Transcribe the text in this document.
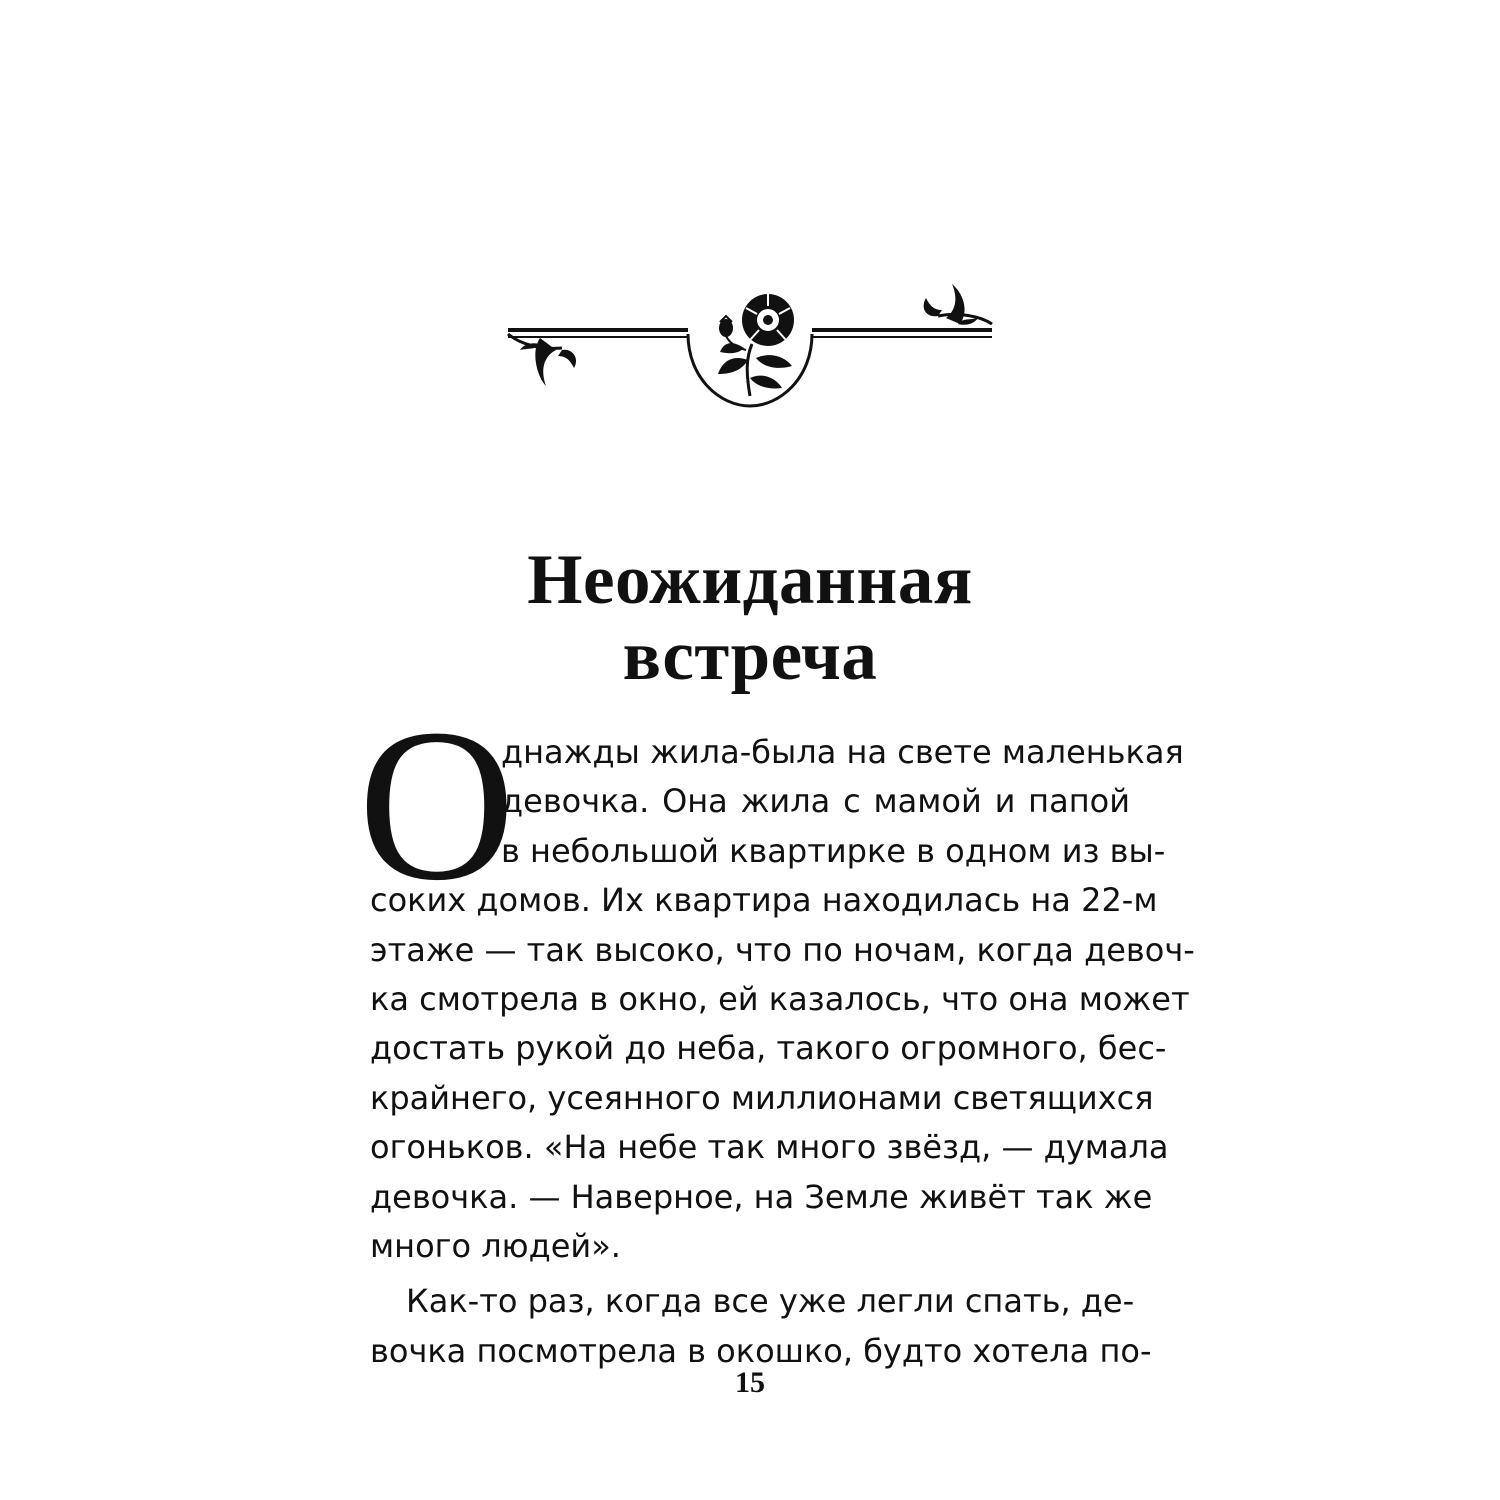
Неожиданная
встреча
О
днажды жила-была на свете маленькая
девочка. Она жила с мамой и папой
в небольшой квартирке в одном из вы-
соких домов. Их квартира находилась на 22-м
этаже — так высоко, что по ночам, когда девоч-
ка смотрела в окно, ей казалось, что она может
достать рукой до неба, такого огромного, бес-
крайнего, усеянного миллионами светящихся
огоньков. «На небе так много звёзд, — думала
девочка. — Наверное, на Земле живёт так же
много людей».
Как-то раз, когда все уже легли спать, де-
вочка посмотрела в окошко, будто хотела по-
15
